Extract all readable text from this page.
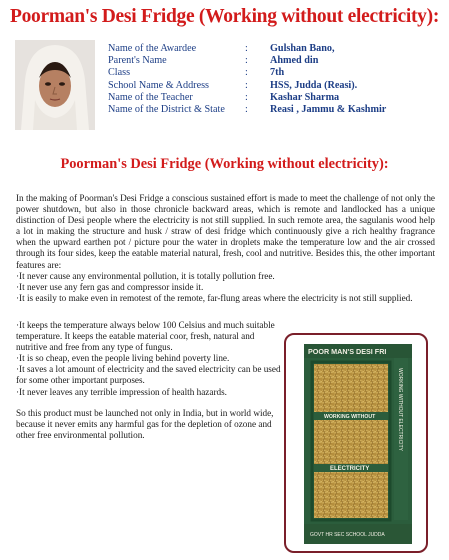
Poorman's Desi Fridge (Working without electricity):
Name of the Awardee	: Gulshan Bano,
Parent's Name	: Ahmed din
Class	: 7th
School Name & Address	: HSS, Judda (Reasi).
Name of the Teacher	: Kashar Sharma
Name of the District & State : Reasi , Jammu & Kashmir
Poorman's Desi Fridge (Working without electricity):

In the making of Poorman's Desi Fridge a conscious sustained effort is made to meet the challenge of not only the power shutdown, but also in those chronicle backward areas, which is remote and landlocked has a unique distinction of Desi people where the electricity is not still supplied. In such remote area, the sagulanis wood help a lot in making the structure and husk / straw of desi fridge which continuously give a rich healthy fragrance when the upward earthen pot / picture pour the water in droplets make the temperature low and the air crossed through its four sides, keep the eatable material natural, fresh, cool and nutritive. Besides this, the other important features are:

·It never cause any environmental pollution, it is totally pollution free.

·It never use any fern gas and compressor inside it.

·It is easily to make even in remotest of the remote, far-flung areas where the electricity is not still supplied.

·It keeps the temperature always below 100 Celsius and much suitable temperature. It keeps the eatable material coor, fresh, natural and nutritive and free from any type of fungus.

·It is so cheap, even the people living behind poverty line.

·It saves a lot amount of electricity and the saved electricity can be used for some other important purposes.

·It never leaves any terrible impression of health hazards.

So this product must be launched not only in India, but in world wide, because it never emits any harmful gas for the depletion of ozone and other free environmental pollution.

POOR MAN'S DESI FRI
WORKING WITHOUT ELECTRICITY
WORKING WITHOUT
ELECTRICITY
GOVT HR SEC SCHOOL JUDDA
